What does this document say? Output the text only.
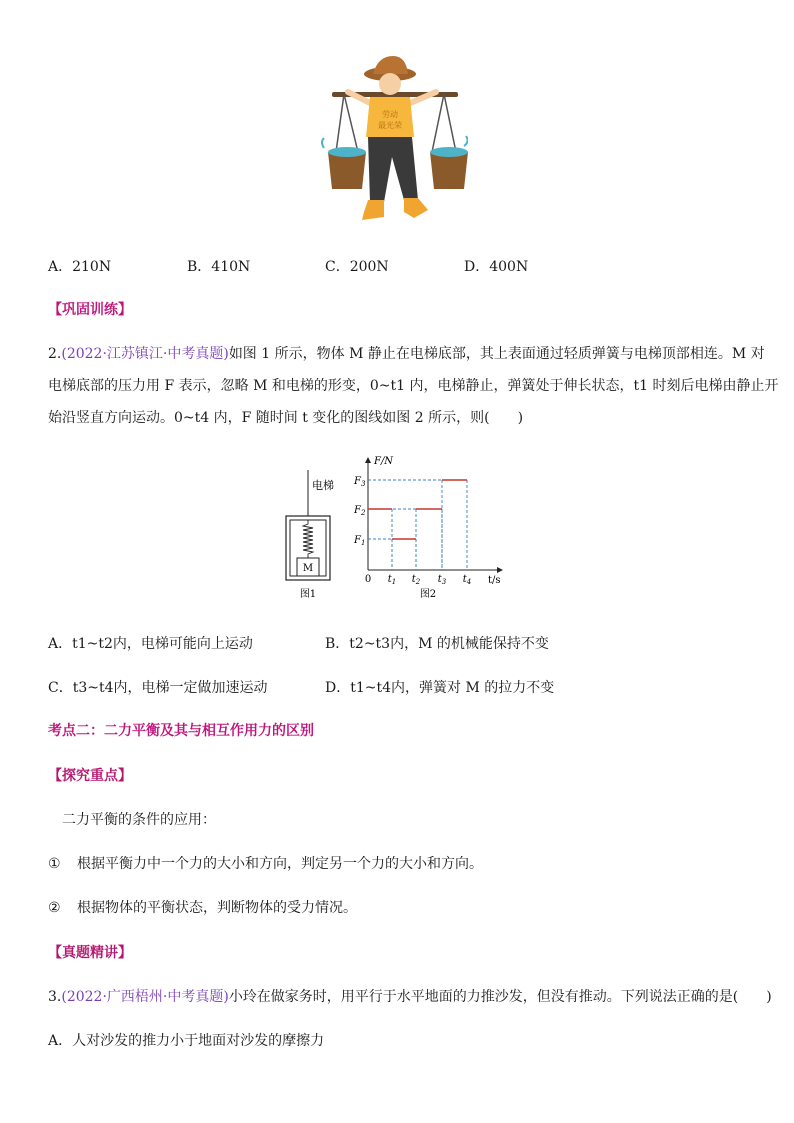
劳动
最光荣
A．210N	B．410N	C．200N	D．400N
【巩固训练】
2.(2022·江苏镇江·中考真题)如图 1 所示，物体 M 静止在电梯底部，其上表面通过轻质弹簧与电梯顶部相连。M 对
电梯底部的压力用 F 表示，忽略 M 和电梯的形变，0~t1 内，电梯静止，弹簧处于伸长状态，t1 时刻后电梯由静止开
始沿竖直方向运动。0~t4 内，F 随时间 t 变化的图线如图 2 所示，则(　　)
电梯
M
图1
F/N
t/s
0 $t_1$ $t_2$ $t_3$ $t_4$
$F_1$
$F_2$
$F_3$
图2
A．t1~t2内，电梯可能向上运动	B．t2~t3内，M 的机械能保持不变
C．t3~t4内，电梯一定做加速运动	D．t1~t4内，弹簧对 M 的拉力不变
考点二：二力平衡及其与相互作用力的区别
【探究重点】
二力平衡的条件的应用：
① 根据平衡力中一个力的大小和方向，判定另一个力的大小和方向。
② 根据物体的平衡状态，判断物体的受力情况。
【真题精讲】
3.(2022·广西梧州·中考真题)小玲在做家务时，用平行于水平地面的力推沙发，但没有推动。下列说法正确的是(　　)
A．人对沙发的推力小于地面对沙发的摩擦力
